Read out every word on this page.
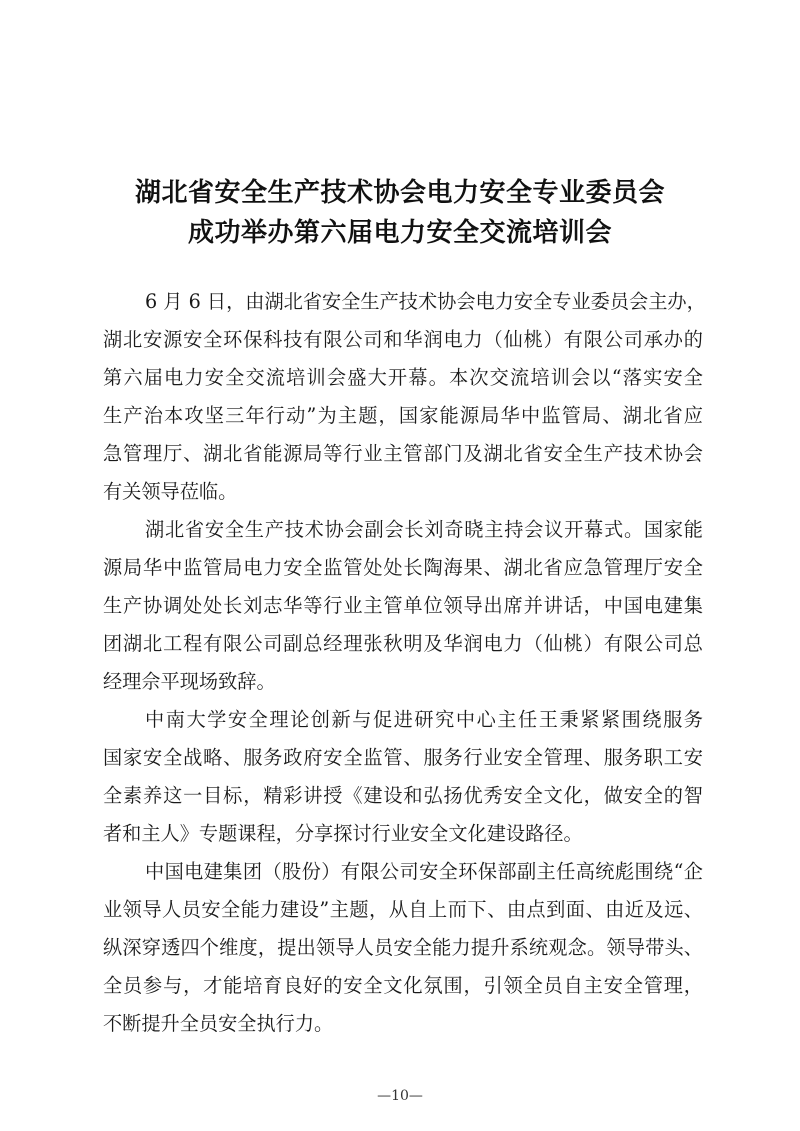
湖北省安全生产技术协会电力安全专业委员会
成功举办第六届电力安全交流培训会
6 月 6 日，由湖北省安全生产技术协会电力安全专业委员会主办，
湖北安源安全环保科技有限公司和华润电力（仙桃）有限公司承办的
第六届电力安全交流培训会盛大开幕。本次交流培训会以“落实安全
生产治本攻坚三年行动”为主题，国家能源局华中监管局、湖北省应
急管理厅、湖北省能源局等行业主管部门及湖北省安全生产技术协会
有关领导莅临。
湖北省安全生产技术协会副会长刘奇晓主持会议开幕式。国家能
源局华中监管局电力安全监管处处长陶海果、湖北省应急管理厅安全
生产协调处处长刘志华等行业主管单位领导出席并讲话，中国电建集
团湖北工程有限公司副总经理张秋明及华润电力（仙桃）有限公司总
经理佘平现场致辞。
中南大学安全理论创新与促进研究中心主任王秉紧紧围绕服务
国家安全战略、服务政府安全监管、服务行业安全管理、服务职工安
全素养这一目标，精彩讲授《建设和弘扬优秀安全文化，做安全的智
者和主人》专题课程，分享探讨行业安全文化建设路径。
中国电建集团（股份）有限公司安全环保部副主任高统彪围绕“企
业领导人员安全能力建设”主题，从自上而下、由点到面、由近及远、
纵深穿透四个维度，提出领导人员安全能力提升系统观念。领导带头、
全员参与，才能培育良好的安全文化氛围，引领全员自主安全管理，
不断提升全员安全执行力。
—10—
